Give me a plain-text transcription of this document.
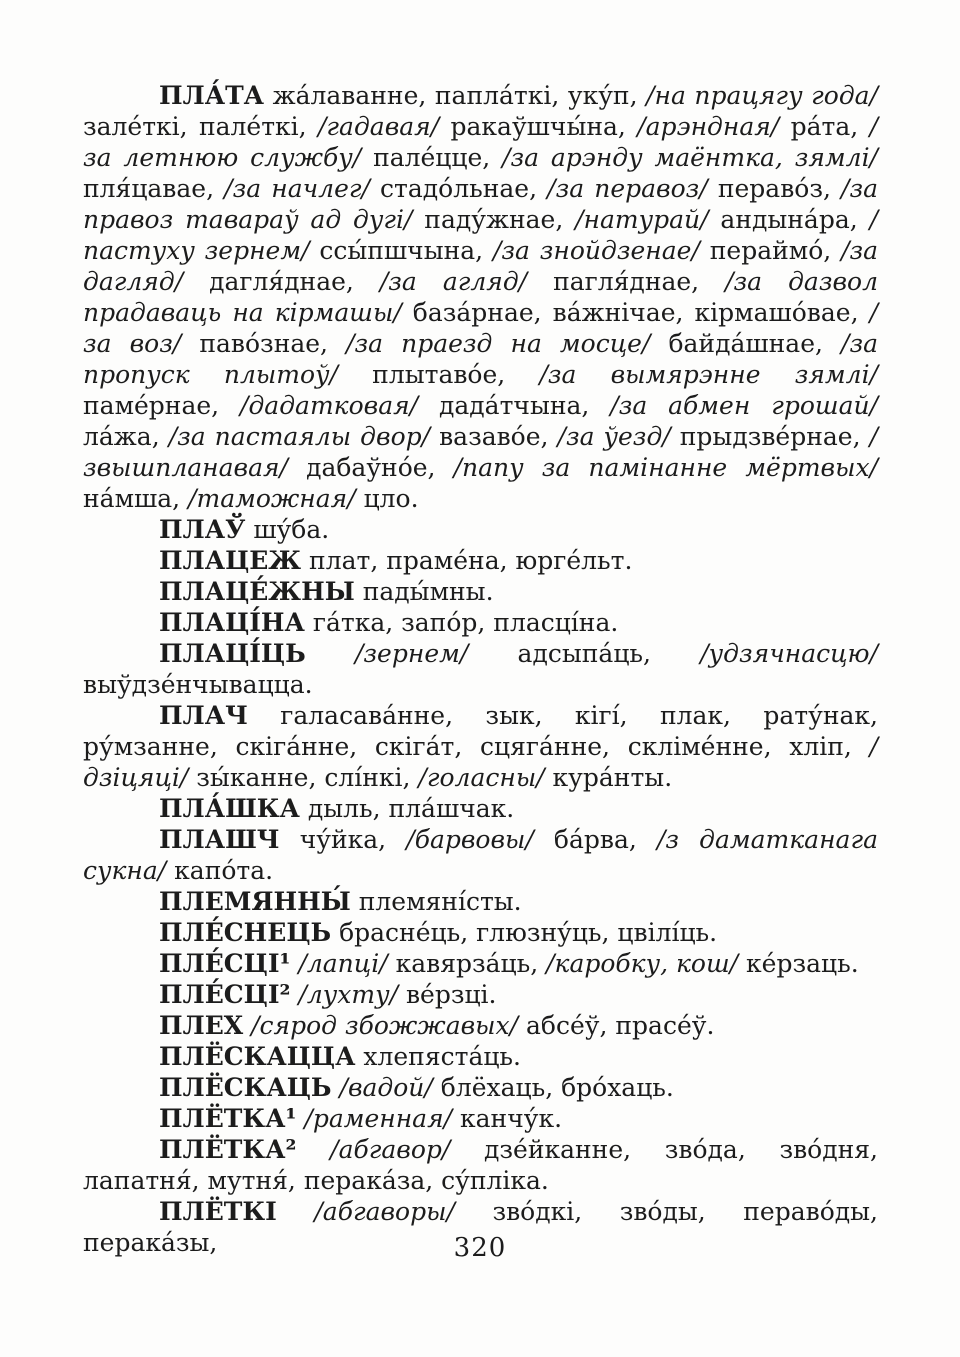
ПЛА́ТА жа́лаванне, папла́ткі, уку́п, /на працягу года/ зале́ткі, пале́ткі, /гадавая/ ракаўшчы́на, /арэндная/ ра́та, /за летнюю службу/ пале́цце, /за арэнду маёнтка, зямлі/ пля́цавае, /за начлег/ стадо́льнае, /за перавоз/ пераво́з, /за правоз тавараў ад дугі/ паду́жнае, /натурай/ андына́ра, /пастуху зернем/ ссы́пшчына, /за знойдзенае/ пераймо́, /за дагляд/ дагля́днае, /за агляд/ пагля́днае, /за дазвол прадаваць на кірмашы/ база́рнае, ва́жнічае, кірмашо́вае, /за воз/ паво́знае, /за праезд на мосце/ байда́шнае, /за пропуск плытоў/ плытаво́е, /за вымярэнне зямлі/ паме́рнае, /дадатковая/ дада́тчына, /за абмен грошай/ ла́жа, /за пастаялы двор/ вазаво́е, /за ўезд/ прыдзве́рнае, /звышпланавая/ дабаўно́е, /папу за памінанне мёртвых/ на́мша, /таможная/ цло.

ПЛАЎ шу́ба.

ПЛАЦЕЖ плат, праме́на, юрге́льт.

ПЛАЦЕ́ЖНЫ пады́мны.

ПЛАЦІ́НА га́тка, запо́р, пласці́на.

ПЛАЦІ́ЦЬ /зернем/ адсыпа́ць, /удзячнасцю/ выўдзе́нчывацца.

ПЛАЧ галасава́нне, зык, кігі́, плак, рату́нак, ру́мзанне, скіга́нне, скіга́т, сцяга́нне, скліме́нне, хліп, /дзіцяці/ зы́канне, слі́нкі, /голасны/ кура́нты.

ПЛА́ШКА дыль, пла́шчак.

ПЛАШЧ чу́йка, /барвовы/ ба́рва, /з даматканага сукна/ капо́та.

ПЛЕМЯННЫ́ племяні́сты.

ПЛЕ́СНЕЦЬ брасне́ць, глюзну́ць, цвілі́ць.

ПЛЕ́СЦІ¹ /лапці/ кавярза́ць, /каробку, кош/ ке́рзаць.

ПЛЕ́СЦІ² /лухту/ ве́рзці.

ПЛЕХ /сярод збожжавых/ абсе́ў, прасе́ў.

ПЛЁСКАЦЦА хлепяста́ць.

ПЛЁСКАЦЬ /вадой/ блёхаць, бро́хаць.

ПЛЁТКА¹ /раменная/ канчу́к.

ПЛЁТКА² /абгавор/ дзе́йканне, зво́да, зво́дня, лапатня́, мутня́, перака́за, су́пліка.

ПЛЁТКІ /абгаворы/ зво́дкі, зво́ды, пераво́ды, перака́зы,	320
